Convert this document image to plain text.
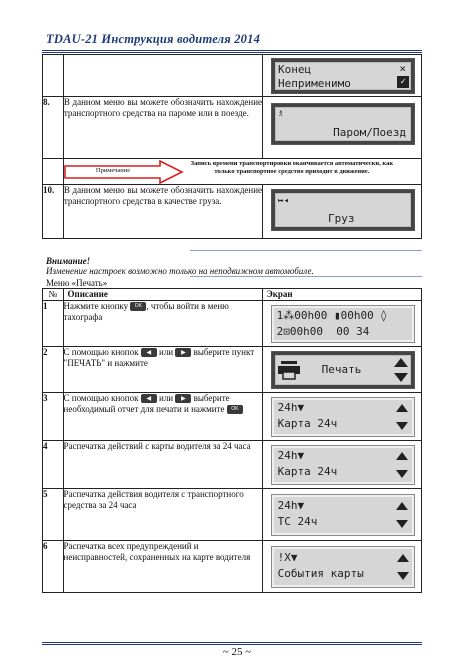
TDAU-21 Инструкция водителя 2014

		Конец ×
Неприменимо ✓

8.	В данном меню вы можете обозначить нахождение транспортного средства на пароме или в поезде.	♗
Паром/Поезд

	Примечание
Запись времени транспортировки оканчивается автоматически, как только транспортное средство приходит в движение.	

10.	В данном меню вы можете обозначить нахождение транспортного средства в качестве груза.	↦◂
Груз
Внимание!
Изменение настроек возможно только на неподвижном автомобиле.
Меню «Печать»
№	Описание	Экран
1	Нажмите кнопку OK , чтобы войти в меню тахографа	1⁂00h00 ▮00h00 ◊
2⊡00h00  00 34

2	С помощью кнопок ◀ или ▶ выберите пункт "ПЕЧАТЬ" и нажмите	Печать

3	С помощью кнопок ◀ или ▶ выберите необходимый отчет для печати и нажмите OK	24h▼
Карта 24ч

4	Распечатка действий с карты водителя за 24 часа	24h▼
Карта 24ч

5	Распечатка действия водителя с транспортного средства за 24 часа	24h▼
ТС 24ч

6	Распечатка всех предупреждений и неисправностей, сохраненных на карте водителя	!X▼
События карты
~ 25 ~
